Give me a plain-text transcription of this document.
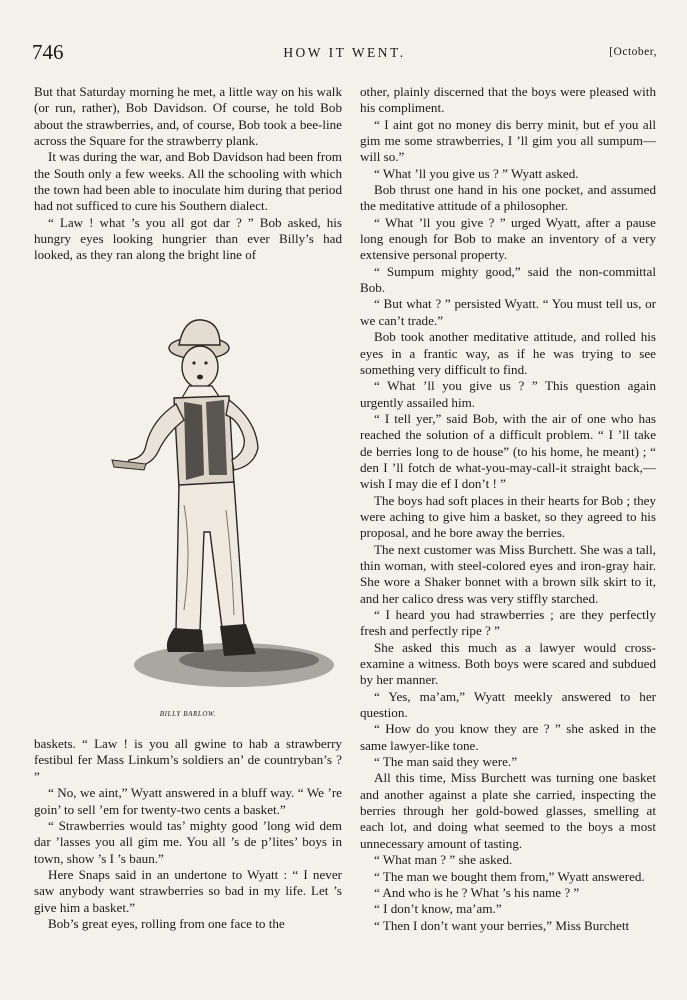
746	HOW IT WENT.	[October,

But that Saturday morning he met, a little way on his walk (or run, rather), Bob Davidson. Of course, he told Bob about the strawberries, and, of course, Bob took a bee-line across the Square for the strawberry plank.

It was during the war, and Bob Davidson had been from the South only a few weeks. All the schooling with which the town had been able to inoculate him during that period had not sufficed to cure his Southern dialect.

“ Law ! what ’s you all got dar ? ” Bob asked, his hungry eyes looking hungrier than ever Billy’s had looked, as they ran along the bright line of

BILLY BARLOW.

baskets. “ Law ! is you all gwine to hab a strawberry festibul fer Mass Linkum’s soldiers an’ de countryban’s ? ”

“ No, we aint,” Wyatt answered in a bluff way. “ We ’re goin’ to sell ’em for twenty-two cents a basket.”

“ Strawberries would tas’ mighty good ’long wid dem dar ’lasses you all gim me. You all ’s de p’lites’ boys in town, show ’s I ’s baun.”

Here Snaps said in an undertone to Wyatt : “ I never saw anybody want strawberries so bad in my life. Let ’s give him a basket.”

Bob’s great eyes, rolling from one face to the

other, plainly discerned that the boys were pleased with his compliment.

“ I aint got no money dis berry minit, but ef you all gim me some strawberries, I ’ll gim you all sumpum—will so.”

“ What ’ll you give us ? ” Wyatt asked.

Bob thrust one hand in his one pocket, and assumed the meditative attitude of a philosopher.

“ What ’ll you give ? ” urged Wyatt, after a pause long enough for Bob to make an inventory of a very extensive personal property.

“ Sumpum mighty good,” said the non-committal Bob.

“ But what ? ” persisted Wyatt. “ You must tell us, or we can’t trade.”

Bob took another meditative attitude, and rolled his eyes in a frantic way, as if he was trying to see something very difficult to find.

“ What ’ll you give us ? ” This question again urgently assailed him.

“ I tell yer,” said Bob, with the air of one who has reached the solution of a difficult problem. “ I ’ll take de berries long to de house” (to his home, he meant) ; “ den I ’ll fotch de what-you-may-call-it straight back,—wish I may die ef I don’t ! ”

The boys had soft places in their hearts for Bob ; they were aching to give him a basket, so they agreed to his proposal, and he bore away the berries.

The next customer was Miss Burchett. She was a tall, thin woman, with steel-colored eyes and iron-gray hair. She wore a Shaker bonnet with a brown silk skirt to it, and her calico dress was very stiffly starched.

“ I heard you had strawberries ; are they perfectly fresh and perfectly ripe ? ”

She asked this much as a lawyer would cross-examine a witness. Both boys were scared and subdued by her manner.

“ Yes, ma’am,” Wyatt meekly answered to her question.

“ How do you know they are ? ” she asked in the same lawyer-like tone.

“ The man said they were.”

All this time, Miss Burchett was turning one basket and another against a plate she carried, inspecting the berries through her gold-bowed glasses, smelling at each lot, and doing what seemed to the boys a most unnecessary amount of tasting.

“ What man ? ” she asked.

“ The man we bought them from,” Wyatt answered.

“ And who is he ? What ’s his name ? ”

“ I don’t know, ma’am.”

“ Then I don’t want your berries,” Miss Burchett
